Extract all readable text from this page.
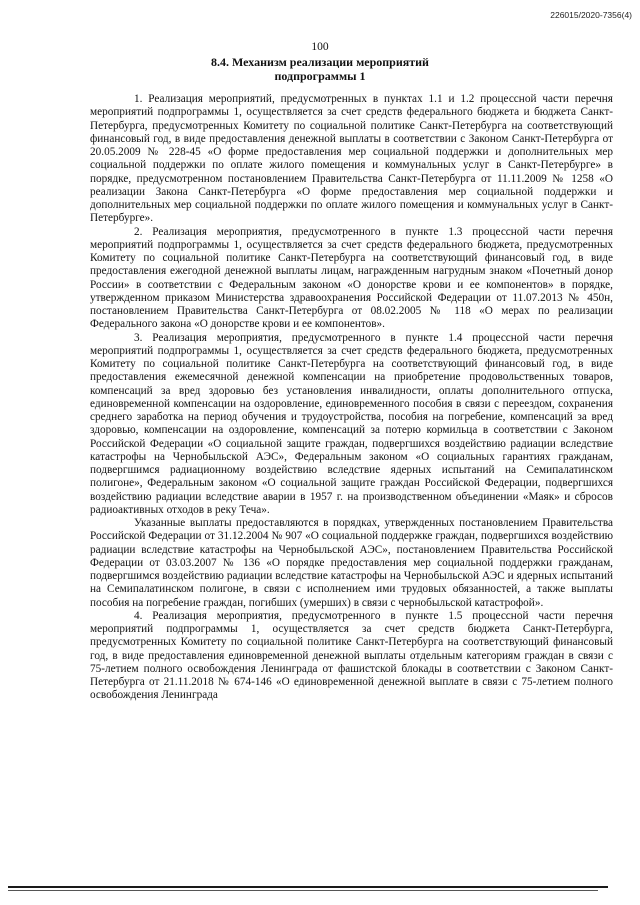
226015/2020-7356(4)
100
8.4. Механизм реализации мероприятий
подпрограммы 1

1. Реализация мероприятий, предусмотренных в пунктах 1.1 и 1.2 процессной части перечня мероприятий подпрограммы 1, осуществляется за счет средств федерального бюджета и бюджета Санкт-Петербурга, предусмотренных Комитету по социальной политике Санкт-Петербурга на соответствующий финансовый год, в виде предоставления денежной выплаты в соответствии с Законом Санкт-Петербурга от 20.05.2009 № 228-45 «О форме предоставления мер социальной поддержки и дополнительных мер социальной поддержки по оплате жилого помещения и коммунальных услуг в Санкт-Петербурге» в порядке, предусмотренном постановлением Правительства Санкт-Петербурга от 11.11.2009 № 1258 «О реализации Закона Санкт-Петербурга «О форме предоставления мер социальной поддержки и дополнительных мер социальной поддержки по оплате жилого помещения и коммунальных услуг в Санкт-Петербурге».

2. Реализация мероприятия, предусмотренного в пункте 1.3 процессной части перечня мероприятий подпрограммы 1, осуществляется за счет средств федерального бюджета, предусмотренных Комитету по социальной политике Санкт-Петербурга на соответствующий финансовый год, в виде предоставления ежегодной денежной выплаты лицам, награжденным нагрудным знаком «Почетный донор России» в соответствии с Федеральным законом «О донорстве крови и ее компонентов» в порядке, утвержденном приказом Министерства здравоохранения Российской Федерации от 11.07.2013 № 450н, постановлением Правительства Санкт-Петербурга от 08.02.2005 № 118 «О мерах по реализации Федерального закона «О донорстве крови и ее компонентов».

3. Реализация мероприятия, предусмотренного в пункте 1.4 процессной части перечня мероприятий подпрограммы 1, осуществляется за счет средств федерального бюджета, предусмотренных Комитету по социальной политике Санкт-Петербурга на соответствующий финансовый год, в виде предоставления ежемесячной денежной компенсации на приобретение продовольственных товаров, компенсаций за вред здоровью без установления инвалидности, оплаты дополнительного отпуска, единовременной компенсации на оздоровление, единовременного пособия в связи с переездом, сохранения среднего заработка на период обучения и трудоустройства, пособия на погребение, компенсаций за вред здоровью, компенсации на оздоровление, компенсаций за потерю кормильца в соответствии с Законом Российской Федерации «О социальной защите граждан, подвергшихся воздействию радиации вследствие катастрофы на Чернобыльской АЭС», Федеральным законом «О социальных гарантиях гражданам, подвергшимся радиационному воздействию вследствие ядерных испытаний на Семипалатинском полигоне», Федеральным законом «О социальной защите граждан Российской Федерации, подвергшихся воздействию радиации вследствие аварии в 1957 г. на производственном объединении «Маяк» и сбросов радиоактивных отходов в реку Теча».

Указанные выплаты предоставляются в порядках, утвержденных постановлением Правительства Российской Федерации от 31.12.2004 № 907 «О социальной поддержке граждан, подвергшихся воздействию радиации вследствие катастрофы на Чернобыльской АЭС», постановлением Правительства Российской Федерации от 03.03.2007 № 136 «О порядке предоставления мер социальной поддержки гражданам, подвергшимся воздействию радиации вследствие катастрофы на Чернобыльской АЭС и ядерных испытаний на Семипалатинском полигоне, в связи с исполнением ими трудовых обязанностей, а также выплаты пособия на погребение граждан, погибших (умерших) в связи с чернобыльской катастрофой».

4. Реализация мероприятия, предусмотренного в пункте 1.5 процессной части перечня мероприятий подпрограммы 1, осуществляется за счет средств бюджета Санкт-Петербурга, предусмотренных Комитету по социальной политике Санкт-Петербурга на соответствующий финансовый год, в виде предоставления единовременной денежной выплаты отдельным категориям граждан в связи с 75-летием полного освобождения Ленинграда от фашистской блокады в соответствии с Законом Санкт-Петербурга от 21.11.2018 № 674-146 «О единовременной денежной выплате в связи с 75-летием полного освобождения Ленинграда
